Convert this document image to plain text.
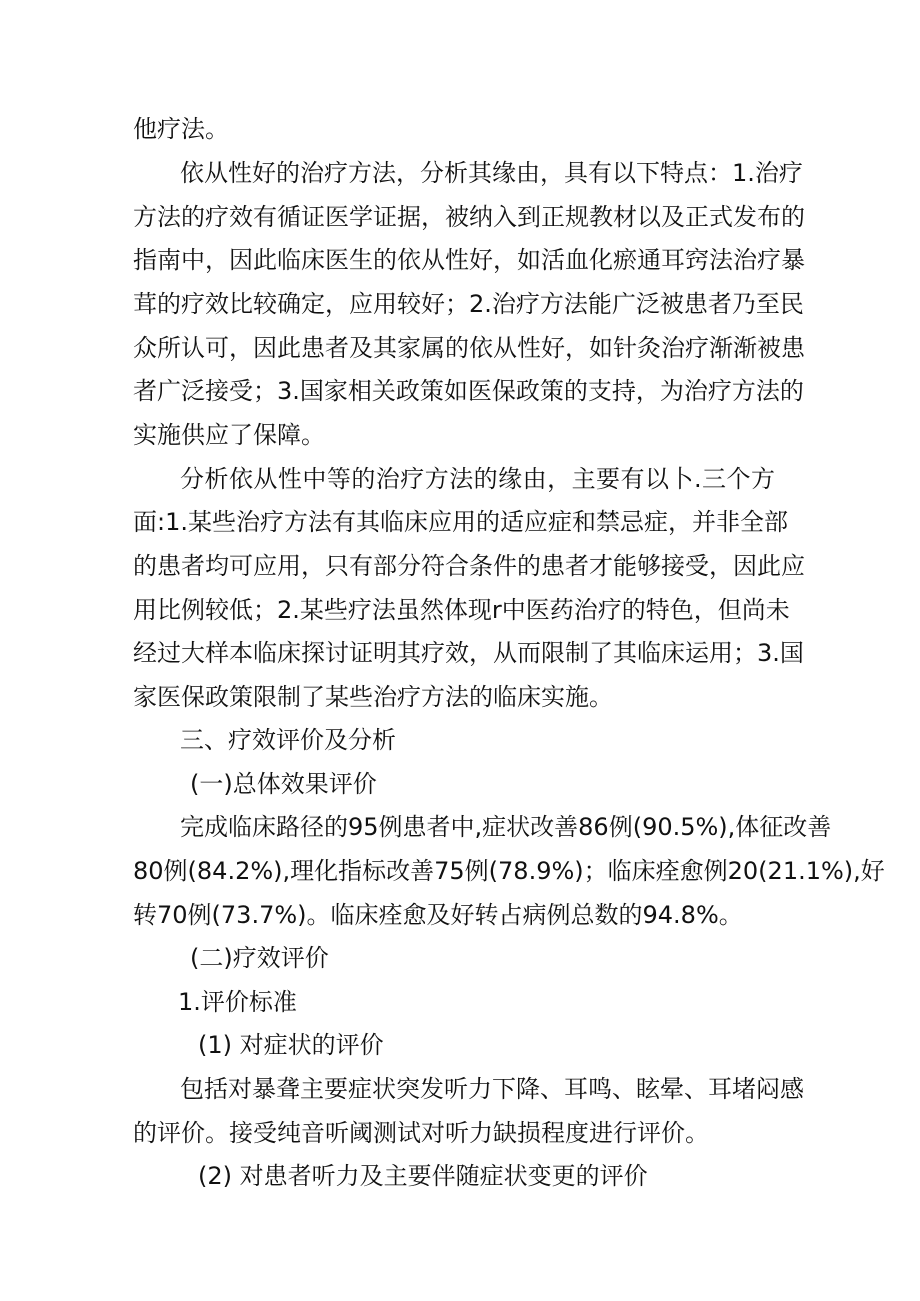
他疗法。
依从性好的治疗方法，分析其缘由，具有以下特点：1.治疗
方法的疗效有循证医学证据，被纳入到正规教材以及正式发布的
指南中，因此临床医生的依从性好，如活血化瘀通耳窍法治疗暴
茸的疗效比较确定，应用较好；2.治疗方法能广泛被患者乃至民
众所认可，因此患者及其家属的依从性好，如针灸治疗渐渐被患
者广泛接受；3.国家相关政策如医保政策的支持，为治疗方法的
实施供应了保障。
分析依从性中等的治疗方法的缘由，主要有以卜.三个方
面:1.某些治疗方法有其临床应用的适应症和禁忌症，并非全部
的患者均可应用，只有部分符合条件的患者才能够接受，因此应
用比例较低；2.某些疗法虽然体现r中医药治疗的特色，但尚未
经过大样本临床探讨证明其疗效，从而限制了其临床运用；3.国
家医保政策限制了某些治疗方法的临床实施。
三、疗效评价及分析
(一)总体效果评价
完成临床路径的95例患者中,症状改善86例(90.5%),体征改善
80例(84.2%),理化指标改善75例(78.9%)；临床痊愈例20(21.1%),好
转70例(73.7%)。临床痊愈及好转占病例总数的94.8%。
(二)疗效评价
1.评价标准
(1) 对症状的评价
包括对暴聋主要症状突发听力下降、耳鸣、眩晕、耳堵闷感
的评价。接受纯音听阈测试对听力缺损程度进行评价。
(2) 对患者听力及主要伴随症状变更的评价
